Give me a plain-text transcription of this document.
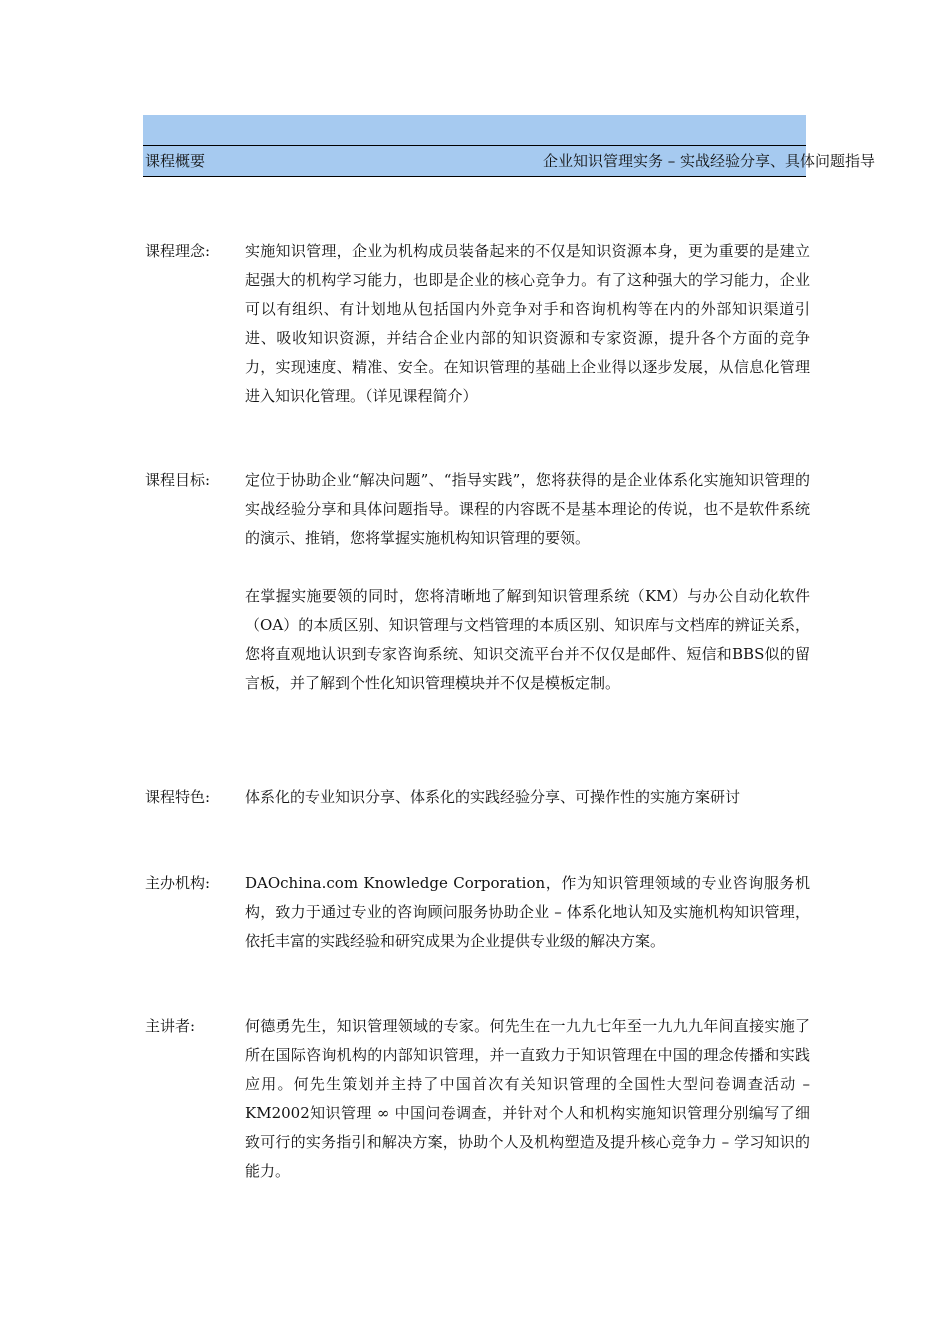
课程概要	企业知识管理实务 – 实战经验分享、具体问题指导
课程理念:	实施知识管理，企业为机构成员装备起来的不仅是知识资源本身，更为重要的是建立起强大的机构学习能力，也即是企业的核心竞争力。有了这种强大的学习能力，企业可以有组织、有计划地从包括国内外竞争对手和咨询机构等在内的外部知识渠道引进、吸收知识资源，并结合企业内部的知识资源和专家资源，提升各个方面的竞争力，实现速度、精准、安全。在知识管理的基础上企业得以逐步发展，从信息化管理进入知识化管理。（详见课程简介）

课程目标:	定位于协助企业“解决问题”、“指导实践”，您将获得的是企业体系化实施知识管理的实战经验分享和具体问题指导。课程的内容既不是基本理论的传说，也不是软件系统的演示、推销，您将掌握实施机构知识管理的要领。

在掌握实施要领的同时，您将清晰地了解到知识管理系统（KM）与办公自动化软件（OA）的本质区别、知识管理与文档管理的本质区别、知识库与文档库的辨证关系，您将直观地认识到专家咨询系统、知识交流平台并不仅仅是邮件、短信和BBS似的留言板，并了解到个性化知识管理模块并不仅是模板定制。

课程特色:	体系化的专业知识分享、体系化的实践经验分享、可操作性的实施方案研讨

主办机构:	DAOchina.com Knowledge Corporation，作为知识管理领域的专业咨询服务机构，致力于通过专业的咨询顾问服务协助企业 – 体系化地认知及实施机构知识管理，依托丰富的实践经验和研究成果为企业提供专业级的解决方案。

主讲者:	何德勇先生，知识管理领域的专家。何先生在一九九七年至一九九九年间直接实施了所在国际咨询机构的内部知识管理，并一直致力于知识管理在中国的理念传播和实践应用。何先生策划并主持了中国首次有关知识管理的全国性大型问卷调查活动 – KM2002知识管理 ∞ 中国问卷调查，并针对个人和机构实施知识管理分别编写了细致可行的实务指引和解决方案，协助个人及机构塑造及提升核心竞争力 – 学习知识的能力。
